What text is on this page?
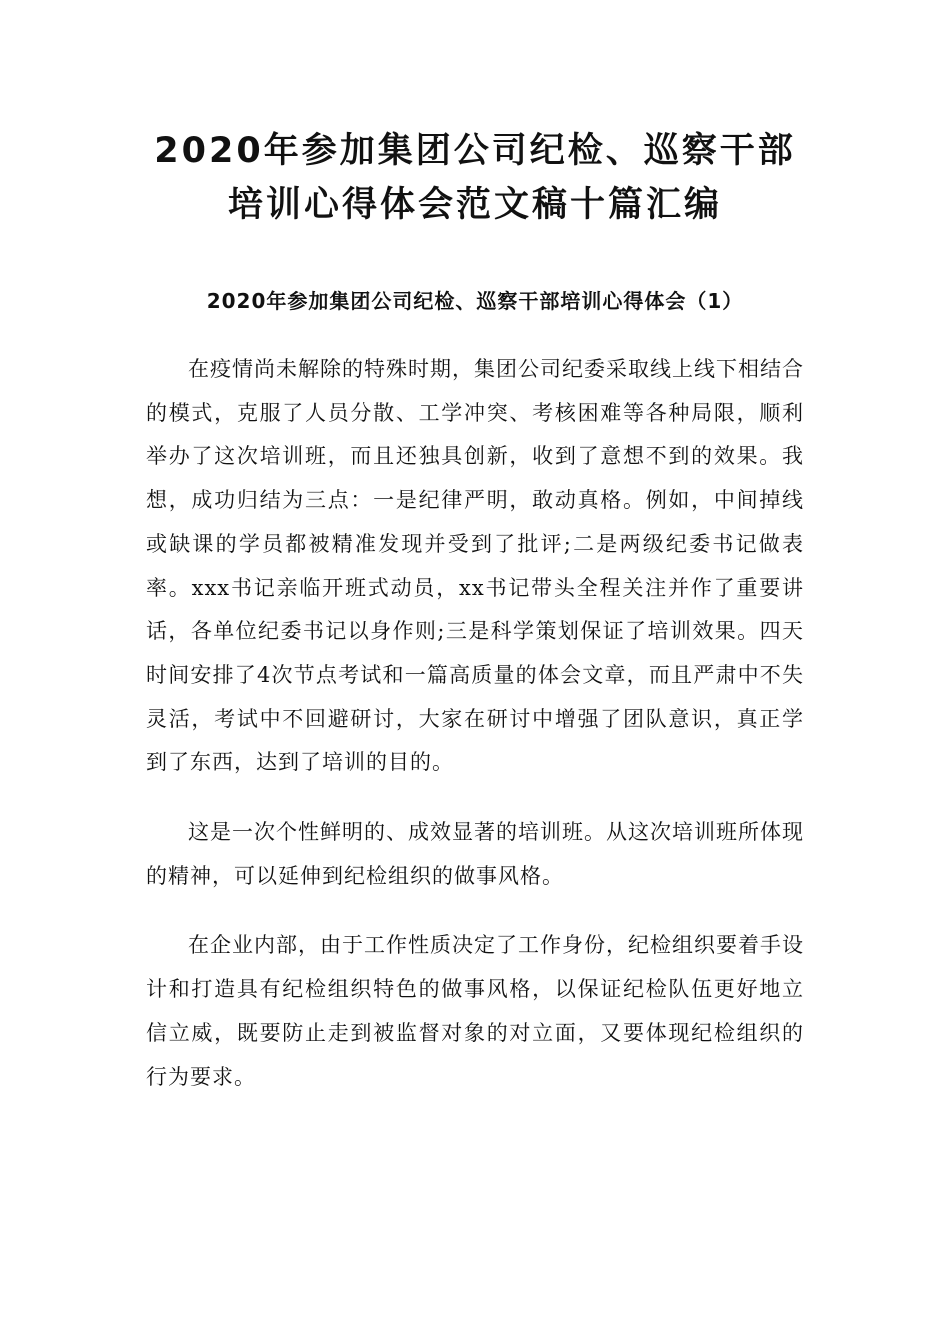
2020年参加集团公司纪检、巡察干部培训心得体会范文稿十篇汇编
2020年参加集团公司纪检、巡察干部培训心得体会（1）

在疫情尚未解除的特殊时期，集团公司纪委采取线上线下相结合的模式，克服了人员分散、工学冲突、考核困难等各种局限，顺利举办了这次培训班，而且还独具创新，收到了意想不到的效果。我想，成功归结为三点：一是纪律严明，敢动真格。例如，中间掉线或缺课的学员都被精准发现并受到了批评;二是两级纪委书记做表率。xxx书记亲临开班式动员，xx书记带头全程关注并作了重要讲话，各单位纪委书记以身作则;三是科学策划保证了培训效果。四天时间安排了4次节点考试和一篇高质量的体会文章，而且严肃中不失灵活，考试中不回避研讨，大家在研讨中增强了团队意识，真正学到了东西，达到了培训的目的。

这是一次个性鲜明的、成效显著的培训班。从这次培训班所体现的精神，可以延伸到纪检组织的做事风格。

在企业内部，由于工作性质决定了工作身份，纪检组织要着手设计和打造具有纪检组织特色的做事风格，以保证纪检队伍更好地立信立威，既要防止走到被监督对象的对立面，又要体现纪检组织的行为要求。
